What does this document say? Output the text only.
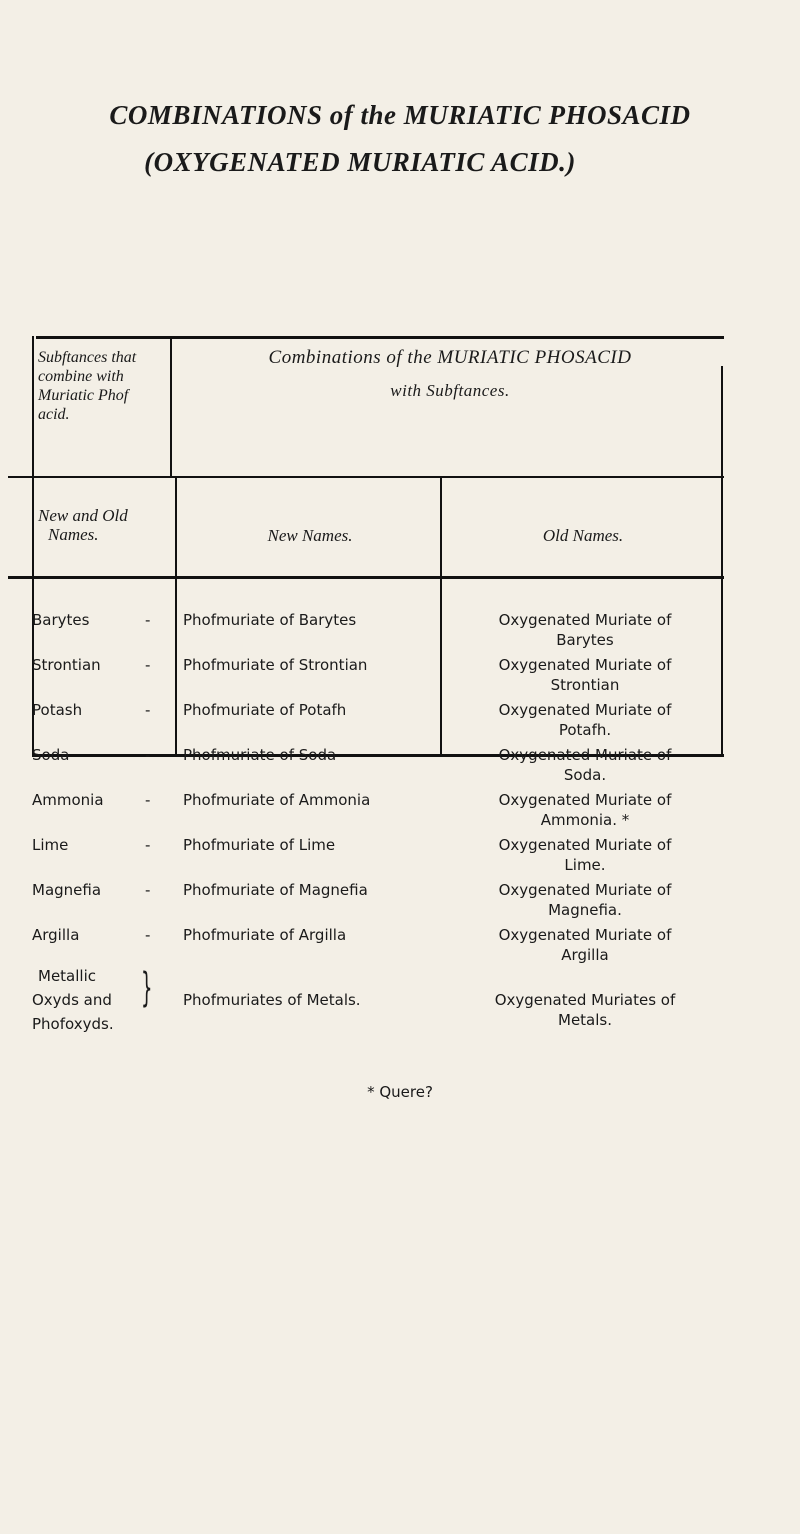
COMBINATIONS of the MURIATIC PHOSACID
(OXYGENATED MURIATIC ACID.)
Subftances that
combine with
Muriatic Phof
acid.
Combinations of the MURIATIC PHOSACID
with Subftances.
New and Old
Names.	New Names.	Old Names.
Barytes	- Phofmuriate of Barytes	Oxygenated Muriate of
Barytes
Strontian	- Phofmuriate of Strontian	Oxygenated Muriate of
Strontian
Potash	- Phofmuriate of Potafh	Oxygenated Muriate of
Potafh.
Soda	- Phofmuriate of Soda	Oxygenated Muriate of
Soda.
Ammonia	- Phofmuriate of Ammonia	Oxygenated Muriate of
Ammonia. *
Lime	- Phofmuriate of Lime	Oxygenated Muriate of
Lime.
Magnefia	- Phofmuriate of Magnefia	Oxygenated Muriate of
Magnefia.
Argilla	- Phofmuriate of Argilla	Oxygenated Muriate of
Argilla
Metallic
Oxyds and
Phofoxyds.
} Phofmuriates of Metals.	Oxygenated Muriates of
Metals.
* Quere?
